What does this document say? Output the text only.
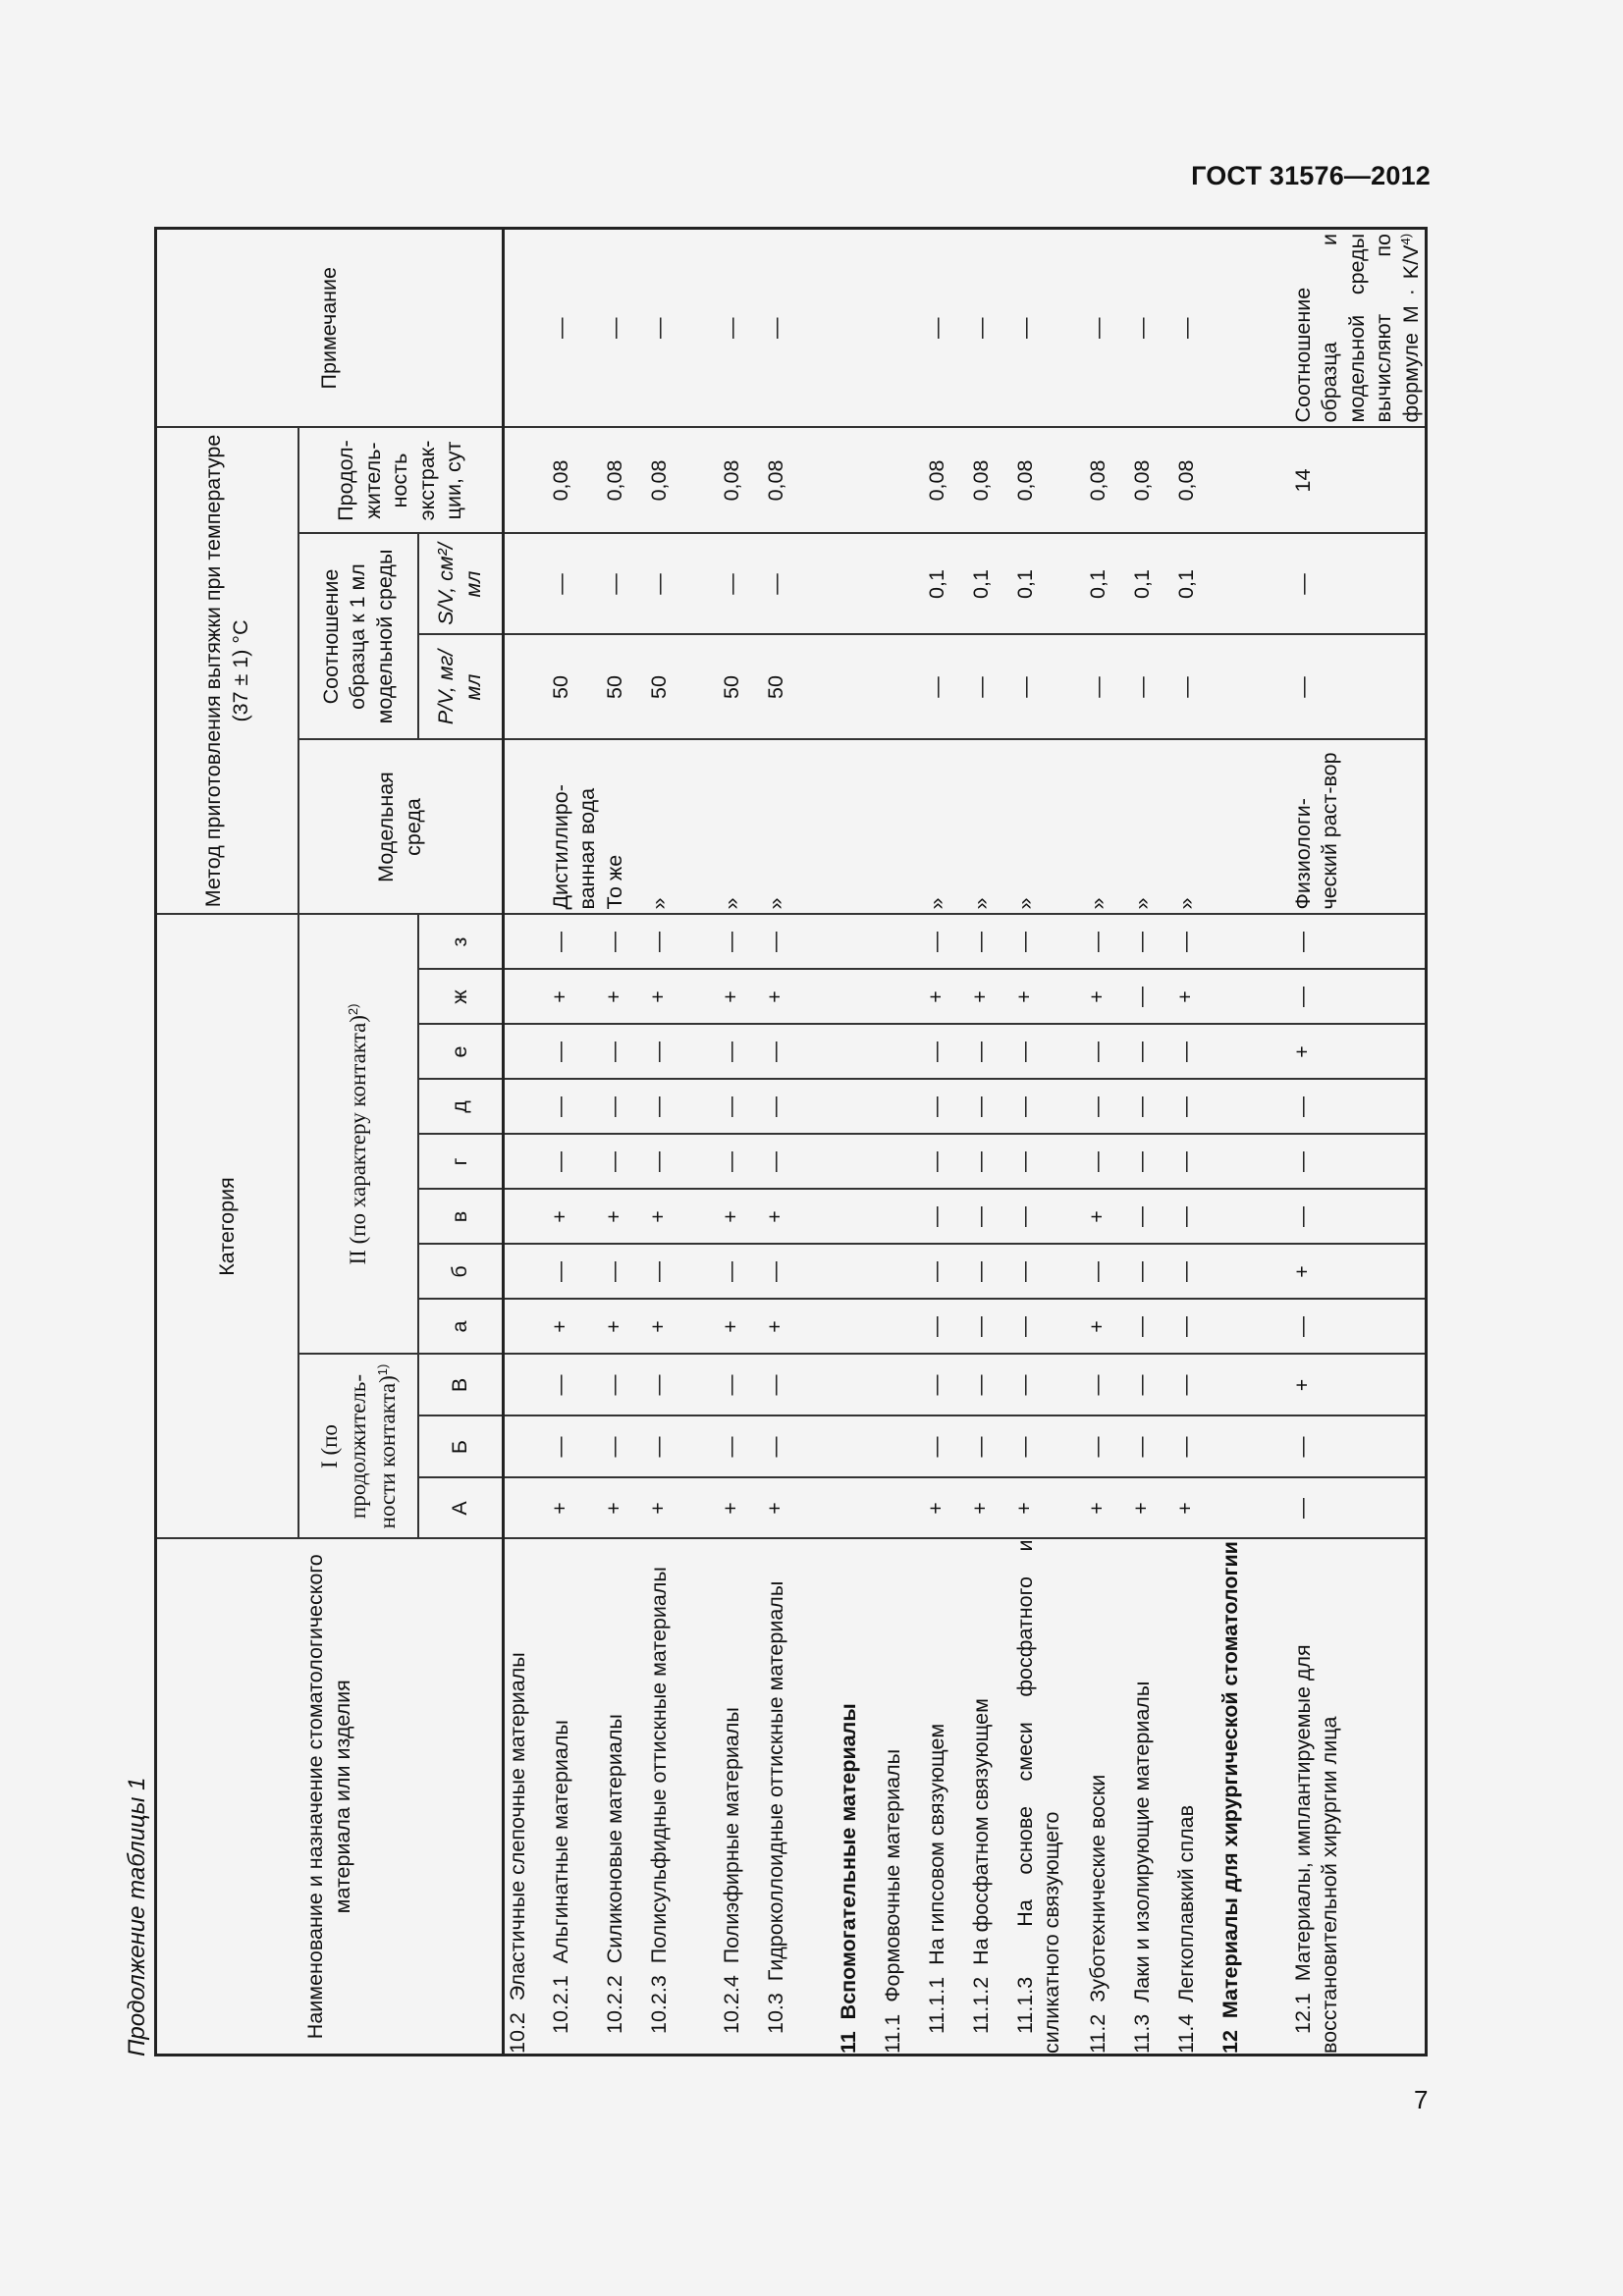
ГОСТ 31576—2012
7
Продолжение таблицы 1	Наименование и назначение стоматологического материала или изделия	Категория											Метод приготовления вытяжки при температуре (37 ± 1) °С				Примечание
	I (по продолжитель-ности контакта)$^{1)}$			II (по характеру контакта)$^{2)}$								Модельная среда	Соотношение образца к 1 мл модельной среды		Продол-житель-ность экстрак-ции, сут	
	А	Б	В	а	б	в	г	д	е	ж	з		P/V, мг/мл	S/V, см²/мл		

10.2  Эластичные слепочные материалы																

10.2.1  Альгинатные материалы	+	—	—	+	—	+	—	—	—	+	—	Дистиллиро-ванная вода	50	—	0,08	—

10.2.2  Силиконовые материалы	+	—	—	+	—	+	—	—	—	+	—	То же	50	—	0,08	—

10.2.3  Полисульфидные оттискные материалы	+	—	—	+	—	+	—	—	—	+	—	»	50	—	0,08	—

10.2.4  Полиэфирные материалы	+	—	—	+	—	+	—	—	—	+	—	»	50	—	0,08	—

10.3  Гидроколлоидные оттискные материалы	+	—	—	+	—	+	—	—	—	+	—	»	50	—	0,08	—

11  Вспомогательные материалы																

11.1  Формовочные материалы																

11.1.1  На гипсовом связующем	+	—	—	—	—	—	—	—	—	+	—	»	—	0,1	0,08	—

11.1.2  На фосфатном связующем	+	—	—	—	—	—	—	—	—	+	—	»	—	0,1	0,08	—

11.1.3  На основе смеси фосфатного и силикатного связующего	+	—	—	—	—	—	—	—	—	+	—	»	—	0,1	0,08	—

11.2  Зуботехнические воски	+	—	—	+	—	+	—	—	—	+	—	»	—	0,1	0,08	—

11.3  Лаки и изолирующие материалы	+	—	—	—	—	—	—	—	—	—	—	»	—	0,1	0,08	—

11.4  Легкоплавкий сплав	+	—	—	—	—	—	—	—	—	+	—	»	—	0,1	0,08	—

12  Материалы для хирургической стоматологии																

12.1  Материалы, имплантируемые для восстановительной хирургии лица	—	—	+	—	+	—	—	—	+	—	—	Физиологи-ческий раст-вор	—	—	14	Соотношение образца и модельной среды вычисляют по формуле $M \cdot K/V^{4)}$
